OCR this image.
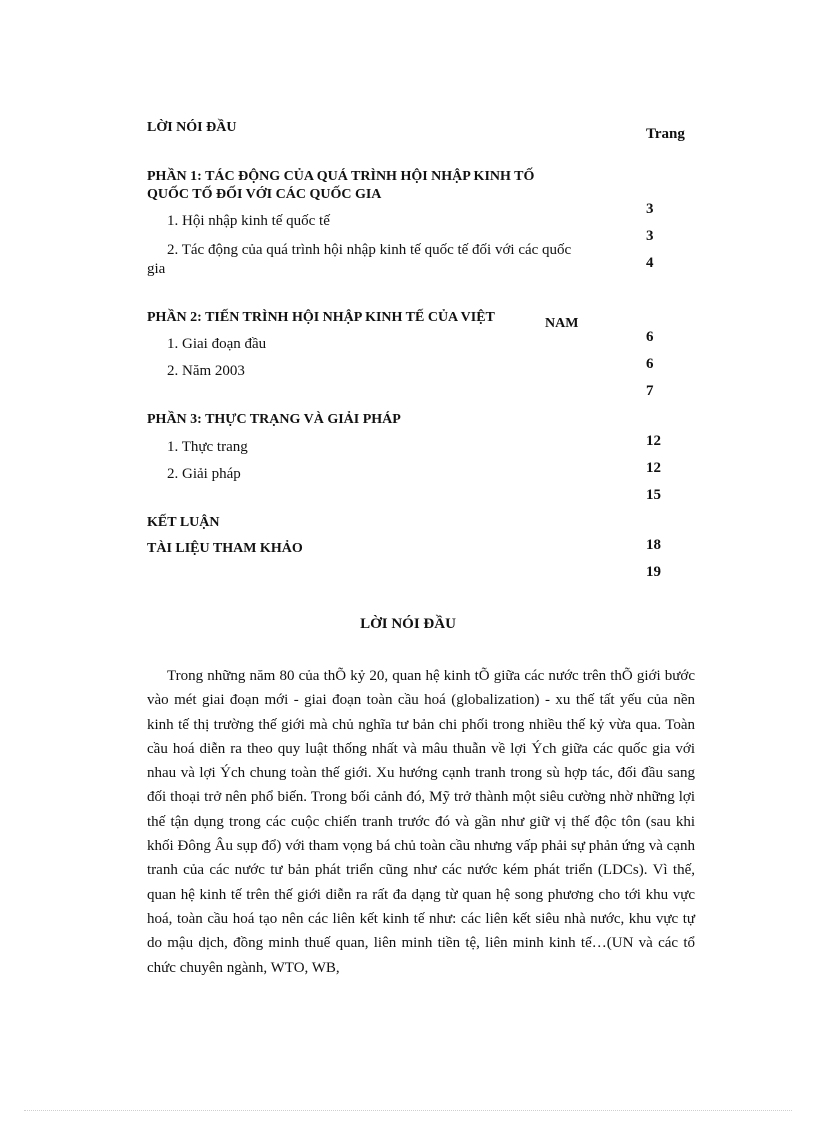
LỜI NÓI ĐẦU	Trang
PHẦN 1: TÁC ĐỘNG CỦA QUÁ TRÌNH HỘI NHẬP KINH TỐ
QUỐC TỐ ĐỐI VỚI CÁC QUỐC GIA
1. Hội nhập kinh tế quốc tế
2. Tác động của quá trình hội nhập kinh tế quốc tế đối với các quốc
gia
PHẦN 2: TIẾN TRÌNH HỘI NHẬP KINH TẾ CỦA VIỆT	NAM
1. Giai đoạn đầu
2. Năm 2003
PHẦN 3: THỰC TRẠNG VÀ GIẢI PHÁP
1. Thực trang
2. Giải pháp
KẾT LUẬN
TÀI LIỆU THAM KHẢO
3
3
4
6
6
7
12
12
15
18
19
LỜI NÓI ĐẦU

Trong những năm 80 của thÕ kỷ 20, quan hệ kinh tÕ giữa các nước trên thÕ giới bước vào mét giai đoạn mới - giai đoạn toàn cầu hoá (globalization) - xu thế tất yếu của nền kinh tế thị trường thế giới mà chủ nghĩa tư bản chi phối trong nhiều thế kỷ vừa qua. Toàn cầu hoá diễn ra theo quy luật thống nhất và mâu thuẫn về lợi Ých giữa các quốc gia với nhau và lợi Ých chung toàn thế giới. Xu hướng cạnh tranh trong sù hợp tác, đối đầu sang đối thoại trở nên phổ biến. Trong bối cảnh đó, Mỹ trở thành một siêu cường nhờ những lợi thế tận dụng trong các cuộc chiến tranh trước đó và gần như giữ vị thế độc tôn (sau khi khối Đông Âu sụp đổ) với tham vọng bá chủ toàn cầu nhưng vấp phải sự phản ứng và cạnh tranh của các nước tư bản phát triển cũng như các nước kém phát triển (LDCs). Vì thế, quan hệ kinh tế trên thế giới diễn ra rất đa dạng từ quan hệ song phương cho tới khu vực hoá, toàn cầu hoá tạo nên các liên kết kinh tế như: các liên kết siêu nhà nước, khu vực tự do mậu dịch, đồng minh thuế quan, liên minh tiền tệ, liên minh kinh tế…(UN và các tổ chức chuyên ngành, WTO, WB,
